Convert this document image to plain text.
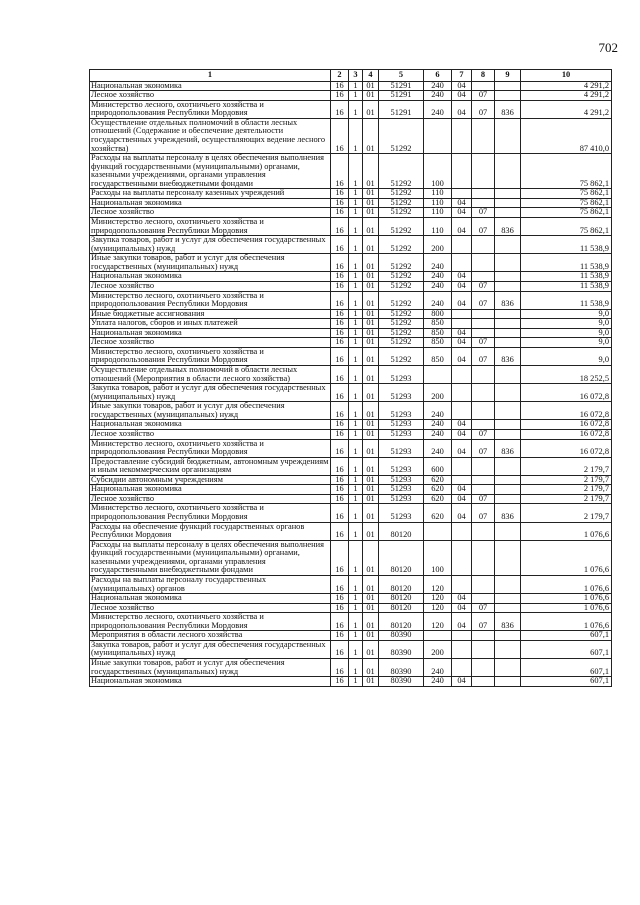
702
1	2	3	4	5	6	7	8	9	10
Национальная экономика	16	1	01	51291	240	04			4 291,2
Лесное хозяйство	16	1	01	51291	240	04	07		4 291,2
Министерство лесного, охотничьего хозяйства и природопользования Республики Мордовия	16	1	01	51291	240	04	07	836	4 291,2
Осуществление отдельных полномочий в области лесных отношений (Содержание и обеспечение деятельности государственных учреждений, осуществляющих ведение лесного хозяйства)	16	1	01	51292					87 410,0
Расходы на выплаты персоналу в целях обеспечения выполнения функций государственными (муниципальными) органами, казенными учреждениями, органами управления государственными внебюджетными фондами	16	1	01	51292	100				75 862,1
Расходы на выплаты персоналу казенных учреждений	16	1	01	51292	110				75 862,1
Национальная экономика	16	1	01	51292	110	04			75 862,1
Лесное хозяйство	16	1	01	51292	110	04	07		75 862,1
Министерство лесного, охотничьего хозяйства и природопользования Республики Мордовия	16	1	01	51292	110	04	07	836	75 862,1
Закупка товаров, работ и услуг для обеспечения государственных (муниципальных) нужд	16	1	01	51292	200				11 538,9
Иные закупки товаров, работ и услуг для обеспечения государственных (муниципальных) нужд	16	1	01	51292	240				11 538,9
Национальная экономика	16	1	01	51292	240	04			11 538,9
Лесное хозяйство	16	1	01	51292	240	04	07		11 538,9
Министерство лесного, охотничьего хозяйства и природопользования Республики Мордовия	16	1	01	51292	240	04	07	836	11 538,9
Иные бюджетные ассигнования	16	1	01	51292	800				9,0
Уплата налогов, сборов и иных платежей	16	1	01	51292	850				9,0
Национальная экономика	16	1	01	51292	850	04			9,0
Лесное хозяйство	16	1	01	51292	850	04	07		9,0
Министерство лесного, охотничьего хозяйства и природопользования Республики Мордовия	16	1	01	51292	850	04	07	836	9,0
Осуществление отдельных полномочий в области лесных отношений (Мероприятия в области лесного хозяйства)	16	1	01	51293					18 252,5
Закупка товаров, работ и услуг для обеспечения государственных (муниципальных) нужд	16	1	01	51293	200				16 072,8
Иные закупки товаров, работ и услуг для обеспечения государственных (муниципальных) нужд	16	1	01	51293	240				16 072,8
Национальная экономика	16	1	01	51293	240	04			16 072,8
Лесное хозяйство	16	1	01	51293	240	04	07		16 072,8
Министерство лесного, охотничьего хозяйства и природопользования Республики Мордовия	16	1	01	51293	240	04	07	836	16 072,8
Предоставление субсидий бюджетным, автономным учреждениям и иным некоммерческим организациям	16	1	01	51293	600				2 179,7
Субсидии автономным учреждениям	16	1	01	51293	620				2 179,7
Национальная экономика	16	1	01	51293	620	04			2 179,7
Лесное хозяйство	16	1	01	51293	620	04	07		2 179,7
Министерство лесного, охотничьего хозяйства и природопользования Республики Мордовия	16	1	01	51293	620	04	07	836	2 179,7
Расходы на обеспечение функций государственных органов Республики Мордовия	16	1	01	80120					1 076,6
Расходы на выплаты персоналу в целях обеспечения выполнения функций государственными (муниципальными) органами, казенными учреждениями, органами управления государственными внебюджетными фондами	16	1	01	80120	100				1 076,6
Расходы на выплаты персоналу государственных (муниципальных) органов	16	1	01	80120	120				1 076,6
Национальная экономика	16	1	01	80120	120	04			1 076,6
Лесное хозяйство	16	1	01	80120	120	04	07		1 076,6
Министерство лесного, охотничьего хозяйства и природопользования Республики Мордовия	16	1	01	80120	120	04	07	836	1 076,6
Мероприятия в области лесного хозяйства	16	1	01	80390					607,1
Закупка товаров, работ и услуг для обеспечения государственных (муниципальных) нужд	16	1	01	80390	200				607,1
Иные закупки товаров, работ и услуг для обеспечения государственных (муниципальных) нужд	16	1	01	80390	240				607,1
Национальная экономика	16	1	01	80390	240	04			607,1
